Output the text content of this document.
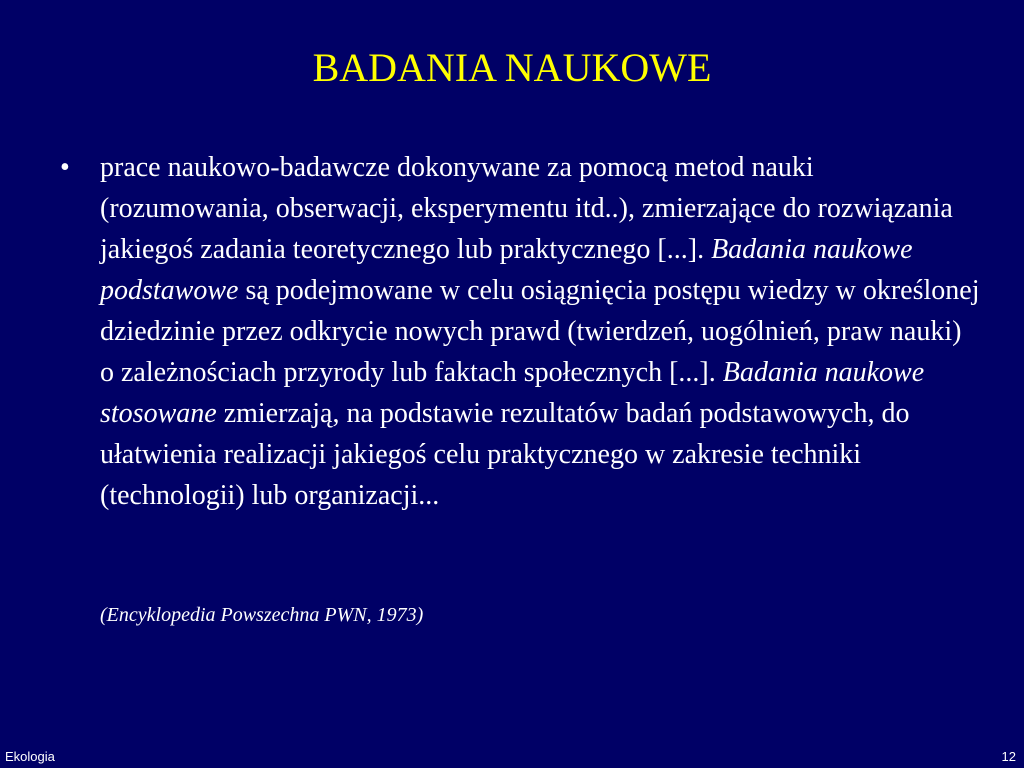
BADANIA NAUKOWE
• prace naukowo-badawcze dokonywane za pomocą metod nauki (rozumowania, obserwacji, eksperymentu itd..), zmierzające do rozwiązania jakiegoś zadania teoretycznego lub praktycznego [...]. Badania naukowe podstawowe są podejmowane w celu osiągnięcia postępu wiedzy w określonej dziedzinie przez odkrycie nowych prawd (twierdzeń, uogólnień, praw nauki) o zależnościach przyrody lub faktach społecznych [...]. Badania naukowe stosowane zmierzają, na podstawie rezultatów badań podstawowych, do ułatwienia realizacji jakiegoś celu praktycznego w zakresie techniki (technologii) lub organizacji...
(Encyklopedia Powszechna PWN, 1973)
Ekologia	12
